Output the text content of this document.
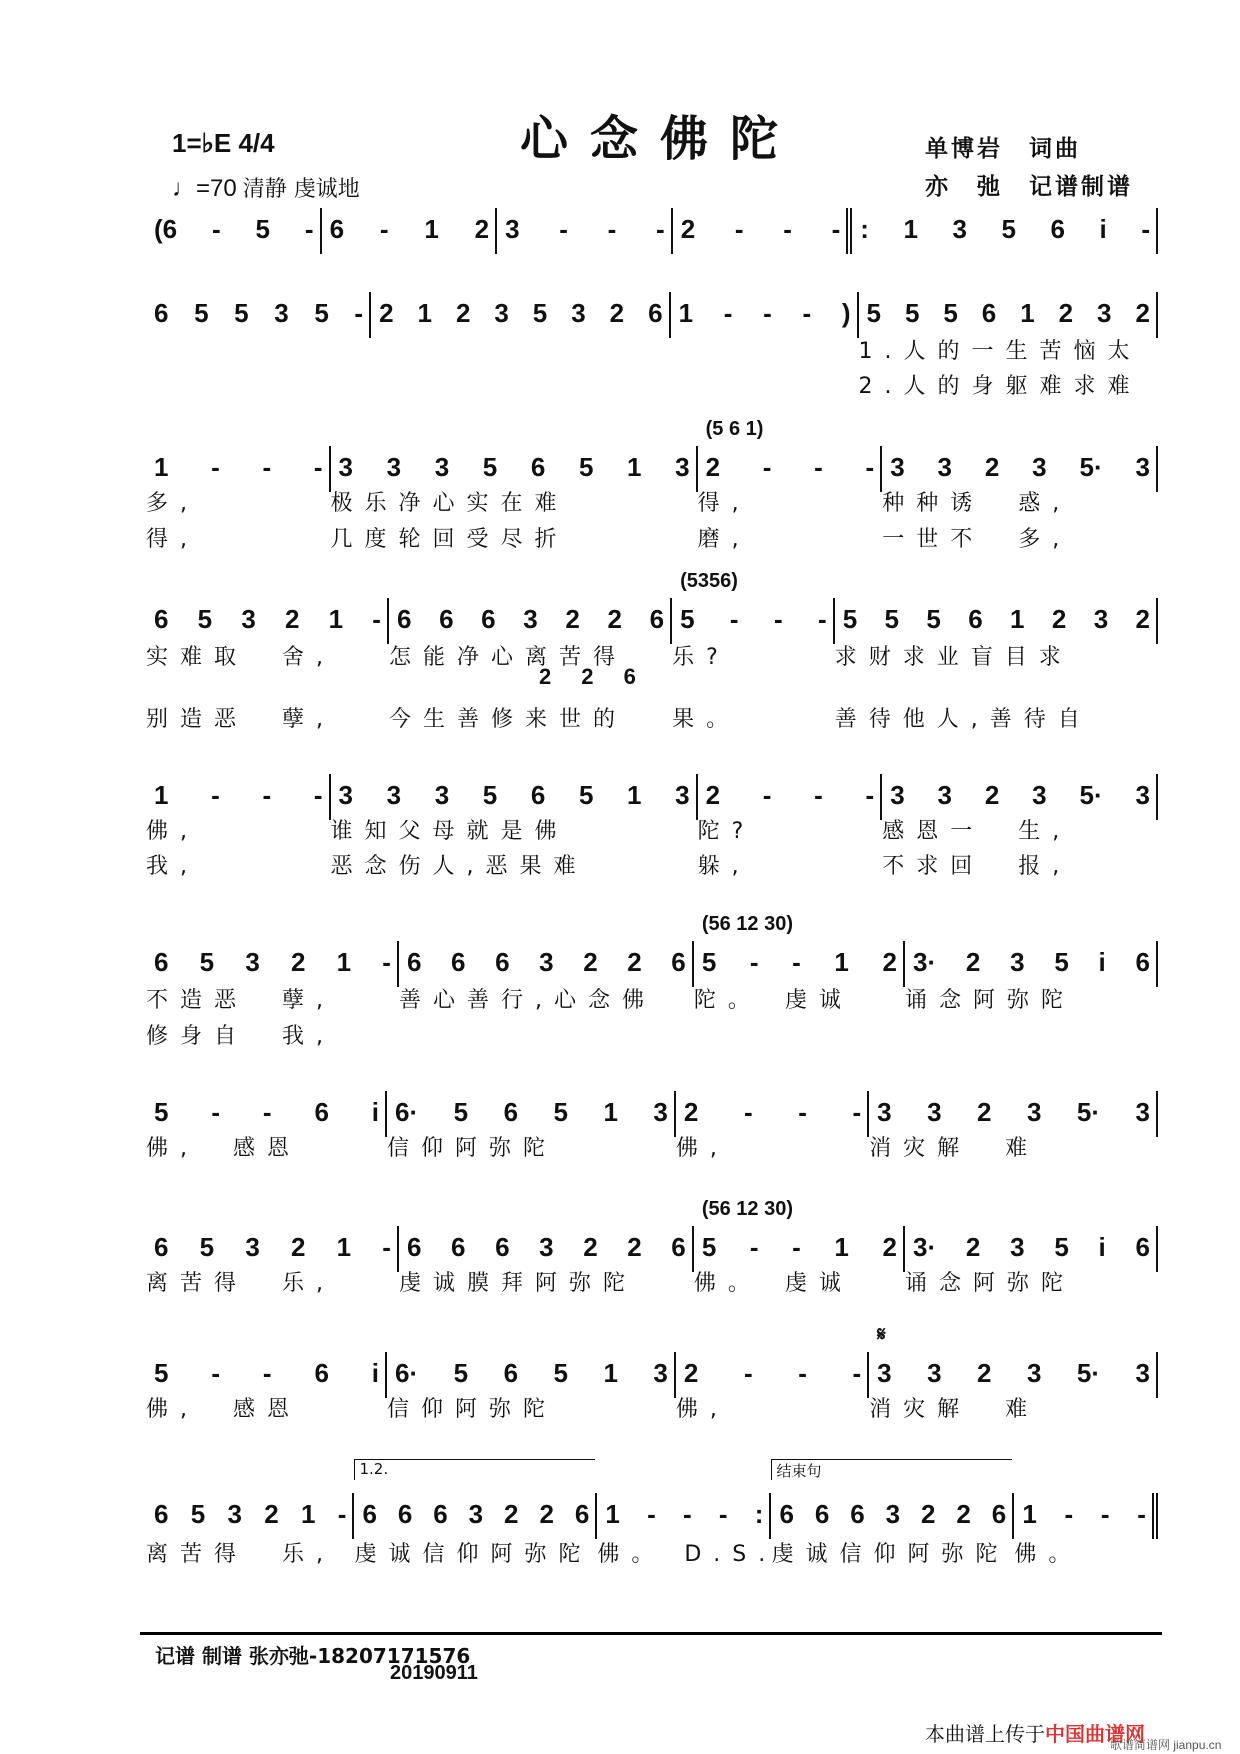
心念佛陀
1=♭E 4/4
♩=70 清静 虔诚地
单博岩　词曲
亦　弛　记谱制谱
(6 - 5 - 6 - 1 2 3 - - - 2 - - - : 1 3 5 6 i -
6 5 5 3 5 - 2 1 2 3 5 3 2 6 1 - - - ) 5 5 5 6 1 2 3 2
1.人的一生苦恼太
2.人的身躯难求难
1 - - -
多,
得,
3 3 3 5 6 5 1 3
极乐净心实在难
几度轮回受尽折
2 - - -
(5 6 1)
得,
磨,
3 3 2 3 5· 3
种种诱　惑,
一世不　多,
6 5 3 2 1 -
实难取　舍,
别造恶　孽,
6 6 6 3 2 2 6
2 2 6
怎能净心离苦得
今生善修来世的
5 - - -
(5356)
乐?
果。
5 5 5 6 1 2 3 2
求财求业盲目求
善待他人,善待自
1 - - -
佛,
我,
3 3 3 5 6 5 1 3
谁知父母就是佛
恶念伤人,恶果难
2 - - -
陀?
躲,
3 3 2 3 5· 3
感恩一　生,
不求回　报,
6 5 3 2 1 -
不造恶　孽,
修身自　我,
6 6 6 3 2 2 6
善心善行,心念佛
5 - - 1 2
(56 12 30)
陀。　虔诚
3· 2 3 5 i 6
诵念阿弥陀
5 - - 6 i
佛,　感恩
6· 5 6 5 1 3
信仰阿弥陀
2 - - -
佛,
3 3 2 3 5· 3
消灾解　难
6 5 3 2 1 -
离苦得　乐,
6 6 6 3 2 2 6
虔诚膜拜阿弥陀
5 - - 1 2
(56 12 30)
佛。　虔诚
3· 2 3 5 i 6
诵念阿弥陀
5 - - 6 i
佛,　感恩
6· 5 6 5 1 3
信仰阿弥陀
2 - - -
佛,
3 3 2 3 5· 3
𝄋
消灾解　难
6 5 3 2 1 -
离苦得　乐,
6 6 6 3 2 2 6
1.2.
虔诚信仰阿弥陀
1 - - - :
佛。 D.S.
6 6 6 3 2 2 6
结束句
虔诚信仰阿弥陀
1 - - -
佛。
记谱 制谱 张亦弛-18207171576
20190911
本曲谱上传于中国曲谱网
歌谱简谱网 jianpu.cn
